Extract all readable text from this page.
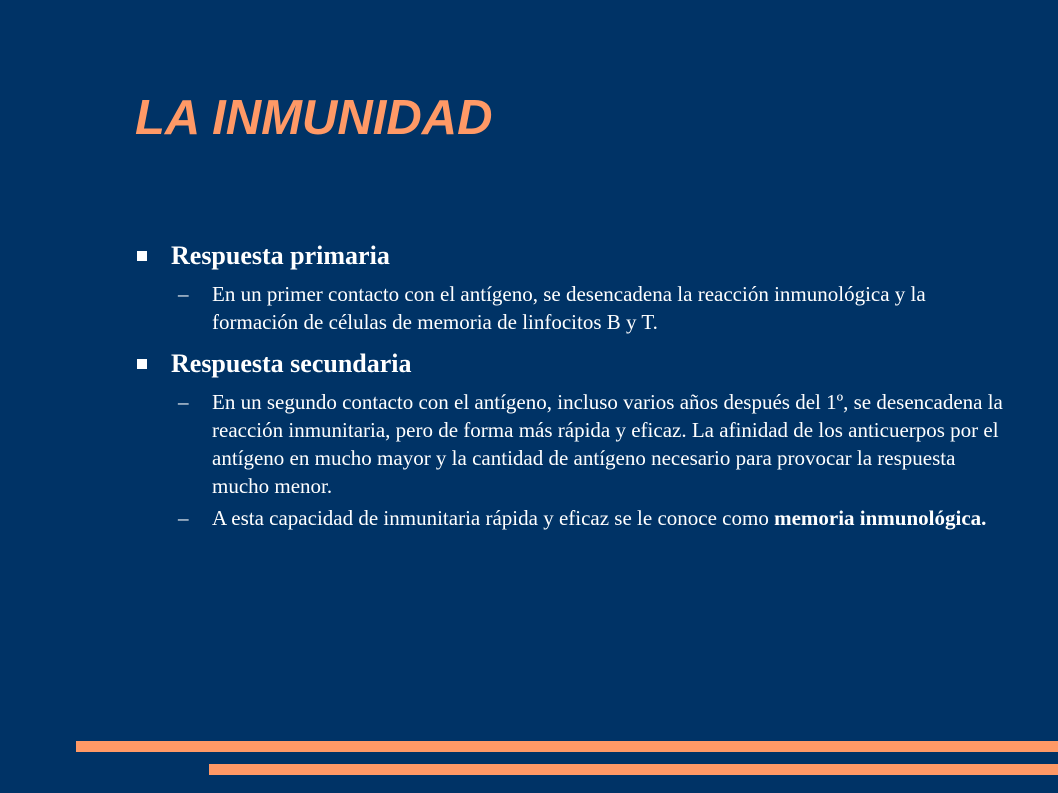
LA INMUNIDAD
Respuesta primaria
– En un primer contacto con el antígeno, se desencadena la reacción inmunológica y la formación de células de memoria de linfocitos B y T.
Respuesta secundaria
– En un segundo contacto con el antígeno, incluso varios años después del 1º, se desencadena la reacción inmunitaria, pero de forma más rápida y eficaz. La afinidad de los anticuerpos por el antígeno en mucho mayor y la cantidad de antígeno necesario para provocar la respuesta mucho menor.
– A esta capacidad de inmunitaria rápida y eficaz se le conoce como memoria inmunológica.
